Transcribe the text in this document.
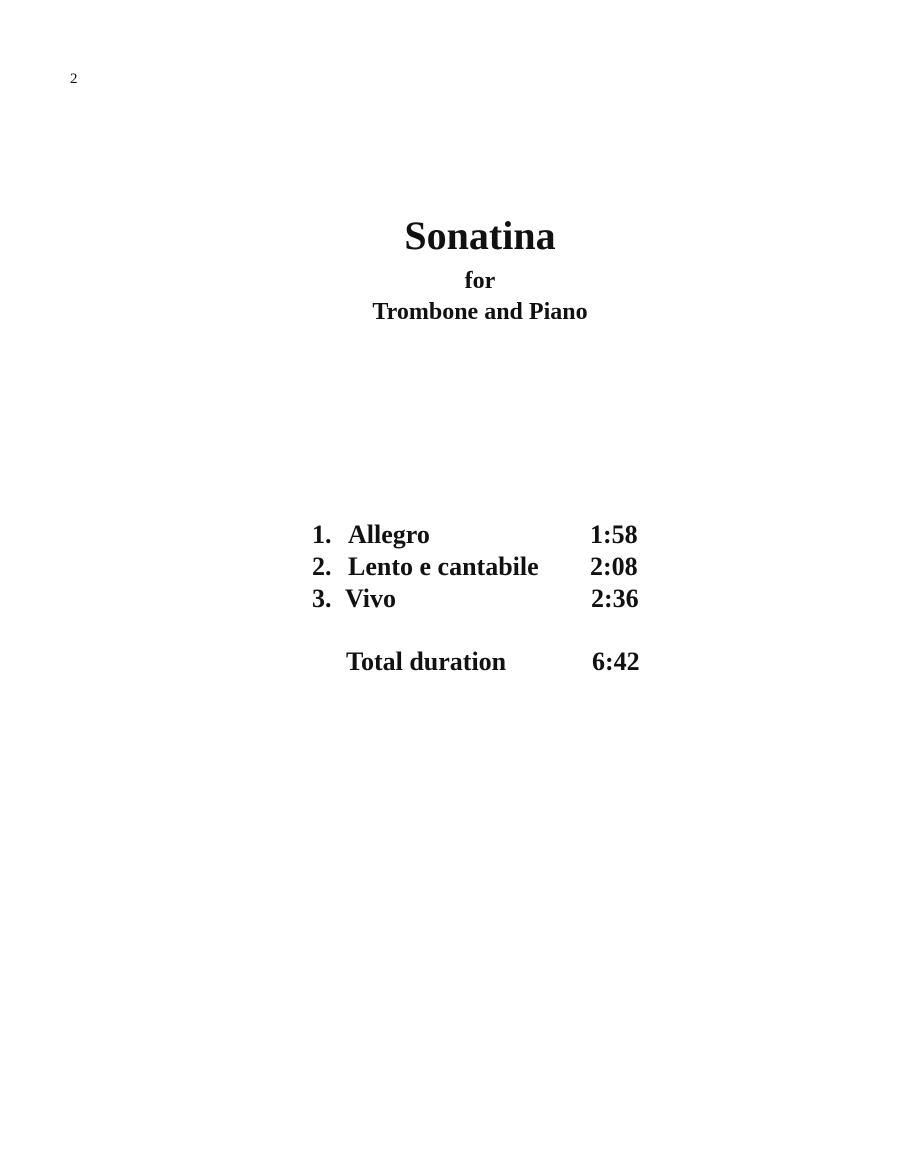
2
Sonatina
for
Trombone and Piano
1. Allegro	1:58
2. Lento e cantabile 2:08
3. Vivo	2:36
Total duration	6:42
